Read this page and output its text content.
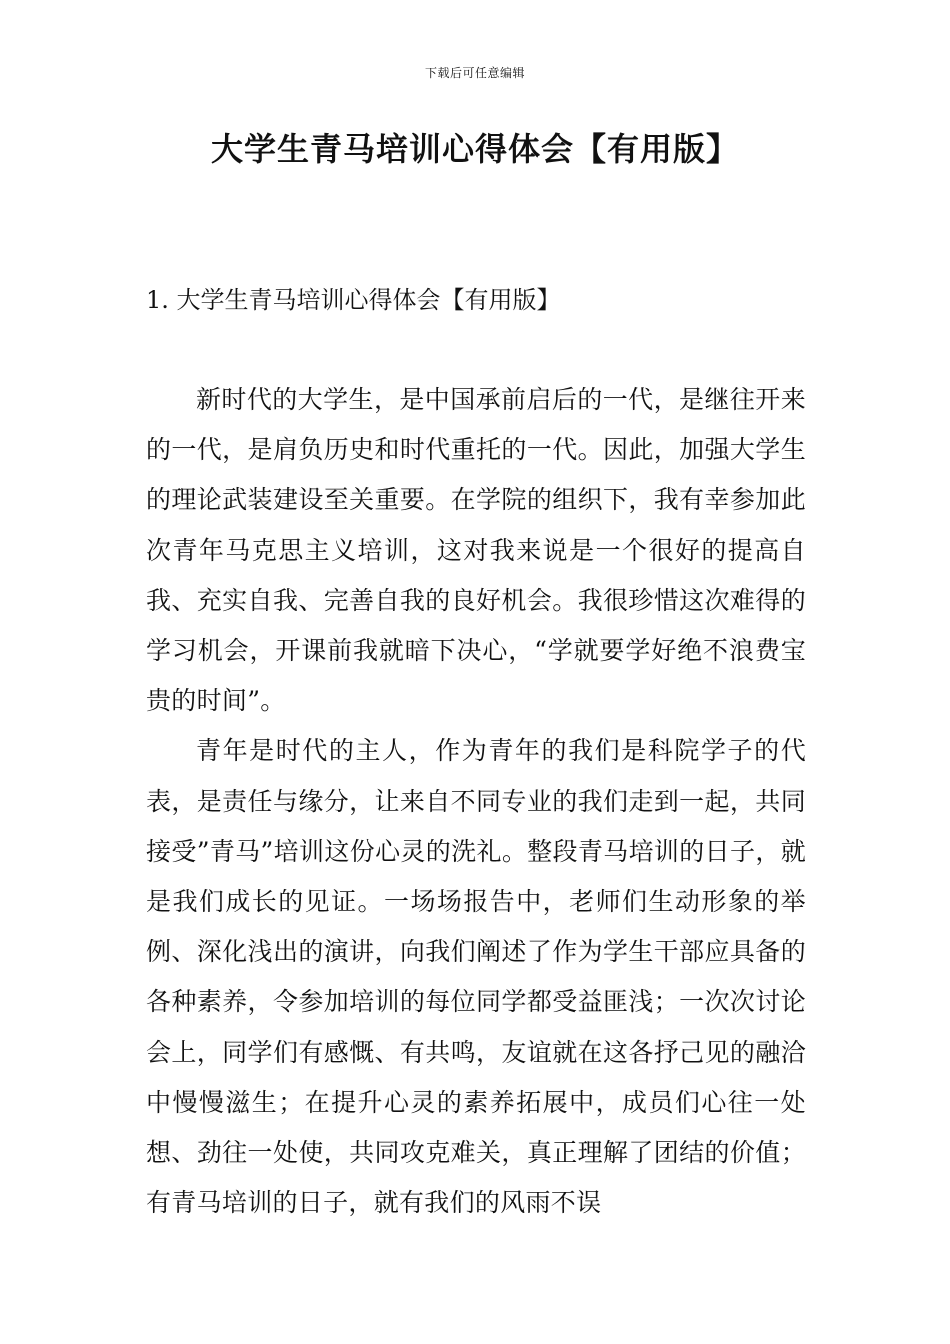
下载后可任意编辑
大学生青马培训心得体会【有用版】
1. 大学生青马培训心得体会【有用版】

新时代的大学生，是中国承前启后的一代，是继往开来的一代，是肩负历史和时代重托的一代。因此，加强大学生的理论武装建设至关重要。在学院的组织下，我有幸参加此次青年马克思主义培训，这对我来说是一个很好的提高自我、充实自我、完善自我的良好机会。我很珍惜这次难得的学习机会，开课前我就暗下决心，“学就要学好绝不浪费宝贵的时间”。

青年是时代的主人，作为青年的我们是科院学子的代表，是责任与缘分，让来自不同专业的我们走到一起，共同接受”青马”培训这份心灵的洗礼。整段青马培训的日子，就是我们成长的见证。一场场报告中，老师们生动形象的举例、深化浅出的演讲，向我们阐述了作为学生干部应具备的各种素养，令参加培训的每位同学都受益匪浅；一次次讨论会上，同学们有感慨、有共鸣，友谊就在这各抒己见的融洽中慢慢滋生；在提升心灵的素养拓展中，成员们心往一处想、劲往一处使，共同攻克难关，真正理解了团结的价值；有青马培训的日子，就有我们的风雨不误
